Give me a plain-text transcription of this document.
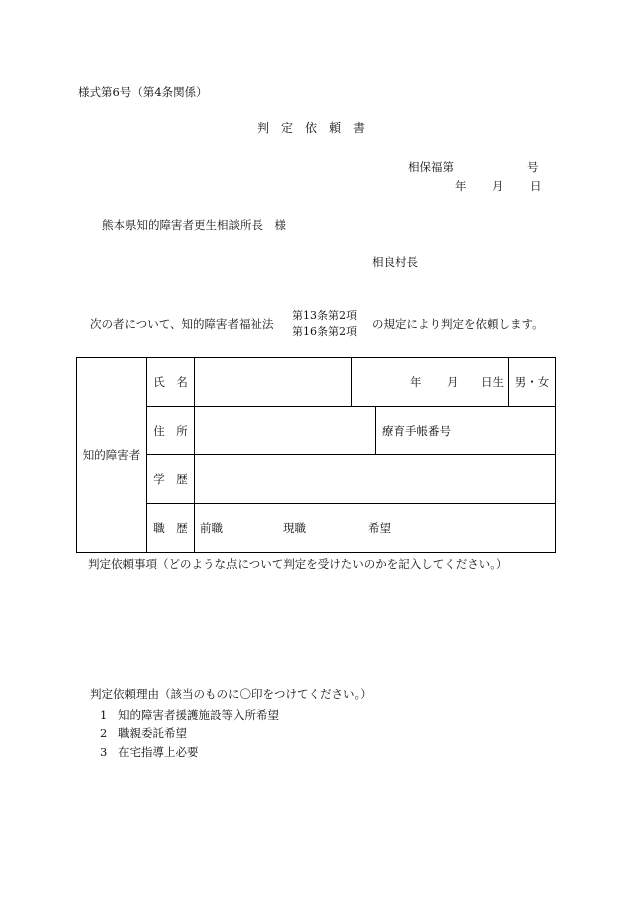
様式第6号（第4条関係）
判　定　依　頼　書
相保福第	号
年 月 日
熊本県知的障害者更生相談所長　様
相良村長
次の者について、知的障害者福祉法
第13条第2項
第16条第2項
の規定により判定を依頼します。
知的障害者
氏　名	年 月 日生 男・女
住　所	療育手帳番号
学　歴
職　歴 前職	現職	希望
判定依頼事項（どのような点について判定を受けたいのかを記入してください。）
判定依頼理由（該当のものに〇印をつけてください。）
1 知的障害者援護施設等入所希望
2 職親委託希望
3 在宅指導上必要
